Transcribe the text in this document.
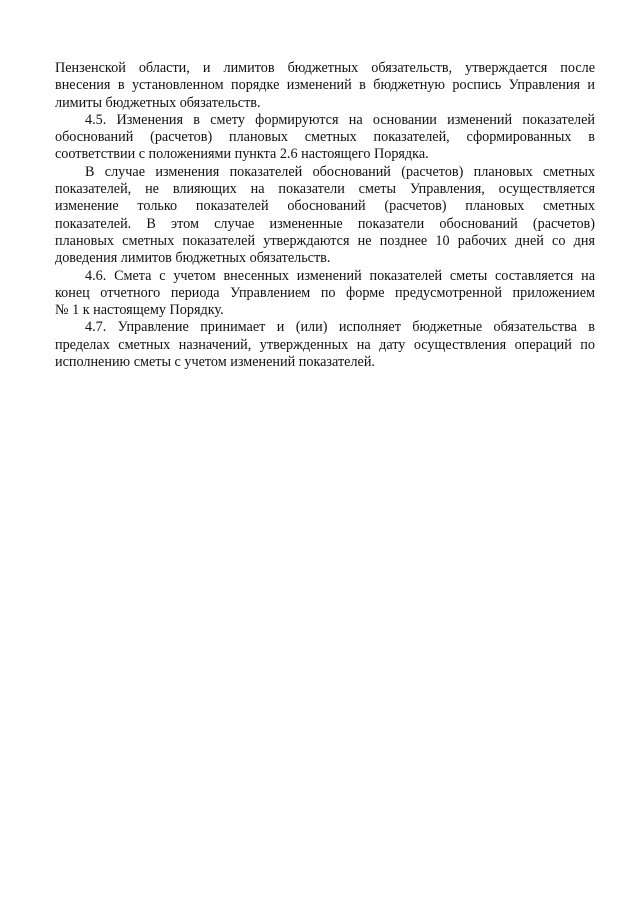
Пензенской области, и лимитов бюджетных обязательств, утверждается после
внесения в установленном порядке изменений в бюджетную роспись Управления и
лимиты бюджетных обязательств.

4.5. Изменения в смету формируются на основании изменений показателей
обоснований (расчетов) плановых сметных показателей, сформированных в
соответствии с положениями пункта 2.6 настоящего Порядка.

В случае изменения показателей обоснований (расчетов) плановых сметных
показателей, не влияющих на показатели сметы Управления, осуществляется
изменение только показателей обоснований (расчетов) плановых сметных
показателей. В этом случае измененные показатели обоснований (расчетов)
плановых сметных показателей утверждаются не позднее 10 рабочих дней со дня
доведения лимитов бюджетных обязательств.

4.6. Смета с учетом внесенных изменений показателей сметы составляется на
конец отчетного периода Управлением по форме предусмотренной приложением
№ 1 к настоящему Порядку.

4.7. Управление принимает и (или) исполняет бюджетные обязательства в
пределах сметных назначений, утвержденных на дату осуществления операций по
исполнению сметы с учетом изменений показателей.
